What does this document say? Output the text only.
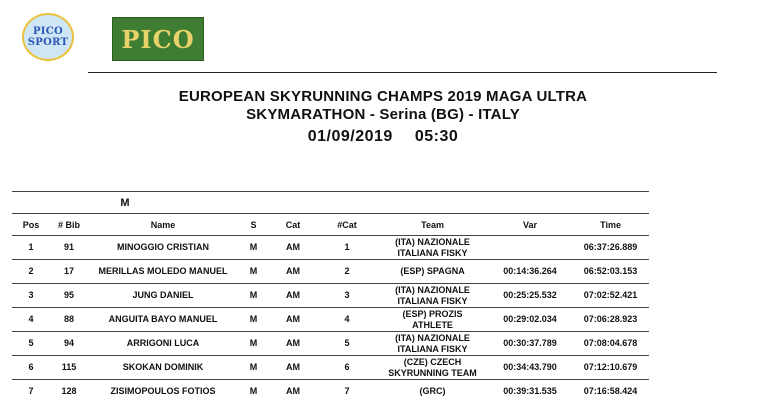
PICO
SPORT PICO
EUROPEAN SKYRUNNING CHAMPS 2019 MAGA ULTRA
SKYMARATHON - Serina (BG) - ITALY
01/09/2019 05:30
M								
Pos	# Bib	Name	S	Cat	#Cat	Team	Var	Time
1	91	MINOGGIO CRISTIAN	M	AM	1	(ITA) NAZIONALE
ITALIANA FISKY		06:37:26.889
2	17	MERILLAS MOLEDO MANUEL	M	AM	2	(ESP) SPAGNA	00:14:36.264	06:52:03.153
3	95	JUNG DANIEL	M	AM	3	(ITA) NAZIONALE
ITALIANA FISKY	00:25:25.532	07:02:52.421
4	88	ANGUITA BAYO MANUEL	M	AM	4	(ESP) PROZIS
ATHLETE	00:29:02.034	07:06:28.923
5	94	ARRIGONI LUCA	M	AM	5	(ITA) NAZIONALE
ITALIANA FISKY	00:30:37.789	07:08:04.678
6	115	SKOKAN DOMINIK	M	AM	6	(CZE) CZECH
SKYRUNNING TEAM	00:34:43.790	07:12:10.679
7	128	ZISIMOPOULOS FOTIOS	M	AM	7	(GRC)	00:39:31.535	07:16:58.424
